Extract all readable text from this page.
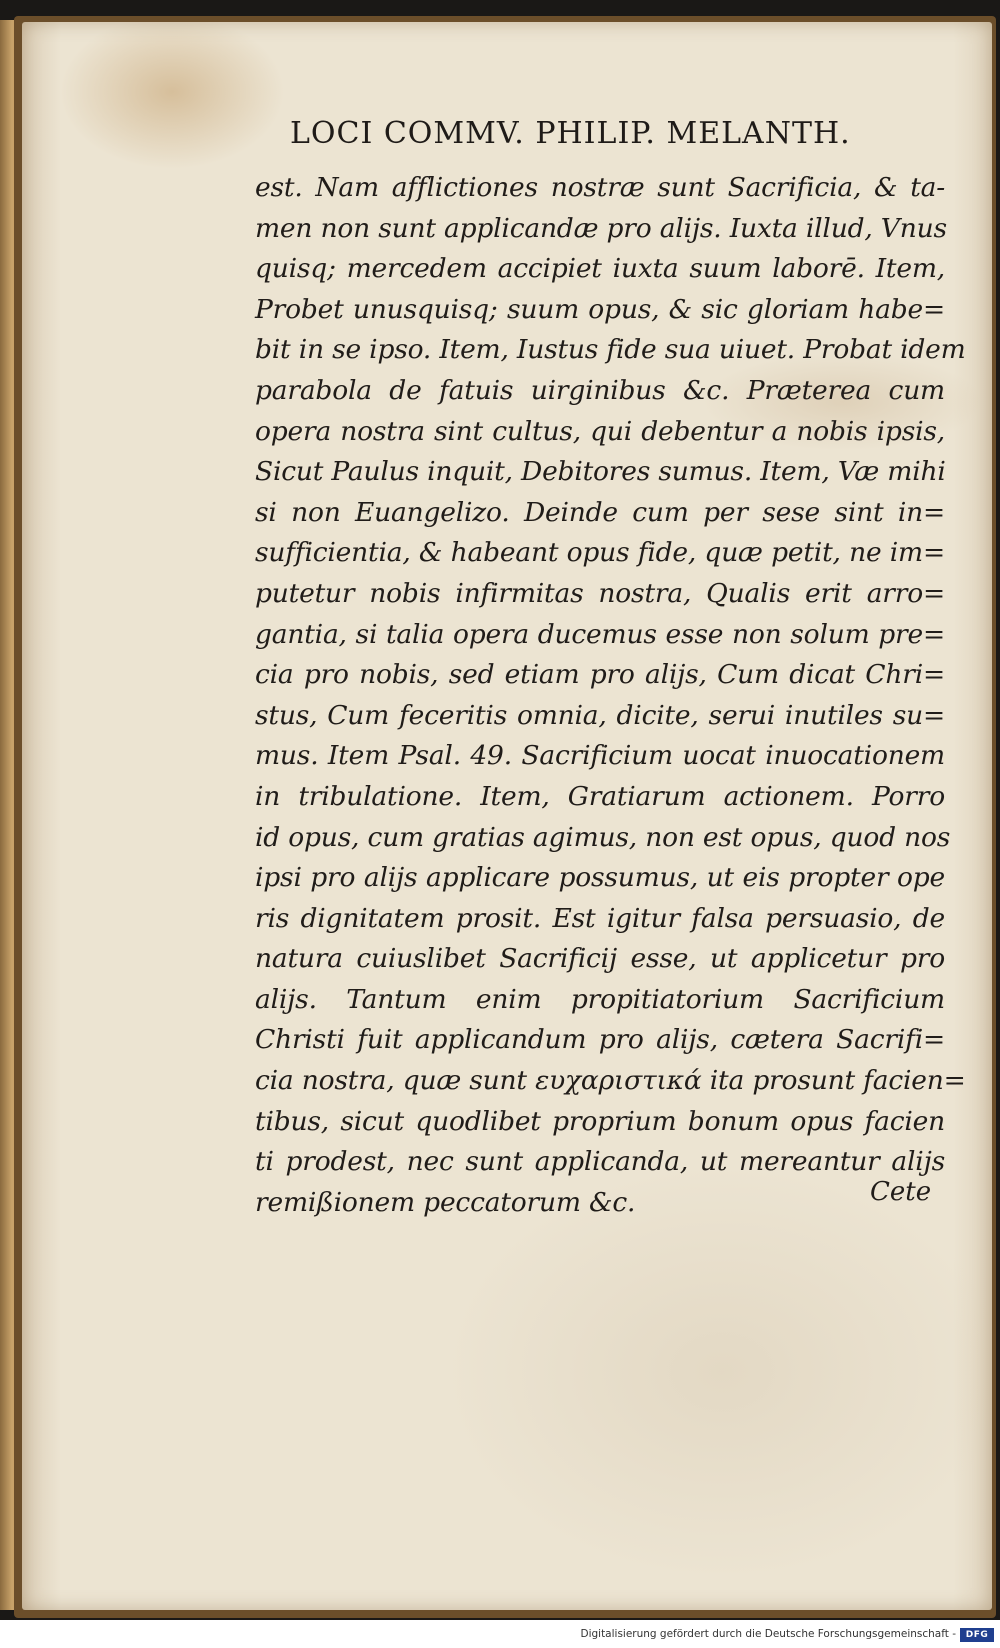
LOCI COMMV. PHILIP. MELANTH.
est. Nam afflictiones nostræ sunt Sacrificia, & ta-
men non sunt applicandæ pro alijs. Iuxta illud, Vnus
quisq; mercedem accipiet iuxta suum laborē. Item,
Probet unusquisq; suum opus, & sic gloriam habe=
bit in se ipso. Item, Iustus fide sua uiuet. Probat idem
parabola de fatuis uirginibus &c. Præterea cum
opera nostra sint cultus, qui debentur a nobis ipsis,
Sicut Paulus inquit, Debitores sumus. Item, Væ mihi
si non Euangelizo. Deinde cum per sese sint in=
sufficientia, & habeant opus fide, quæ petit, ne im=
putetur nobis infirmitas nostra, Qualis erit arro=
gantia, si talia opera ducemus esse non solum pre=
cia pro nobis, sed etiam pro alijs, Cum dicat Chri=
stus, Cum feceritis omnia, dicite, serui inutiles su=
mus. Item Psal. 49. Sacrificium uocat inuocationem
in tribulatione. Item, Gratiarum actionem. Porro
id opus, cum gratias agimus, non est opus, quod nos
ipsi pro alijs applicare possumus, ut eis propter ope
ris dignitatem prosit. Est igitur falsa persuasio, de
natura cuiuslibet Sacrificij esse, ut applicetur pro
alijs. Tantum enim propitiatorium Sacrificium
Christi fuit applicandum pro alijs, cætera Sacrifi=
cia nostra, quæ sunt ευχαριστικά ita prosunt facien=
tibus, sicut quodlibet proprium bonum opus facien
ti prodest, nec sunt applicanda, ut mereantur alijs
remißionem peccatorum &c.	Cete
Digitalisierung gefördert durch die Deutsche Forschungsgemeinschaft -	DFG
